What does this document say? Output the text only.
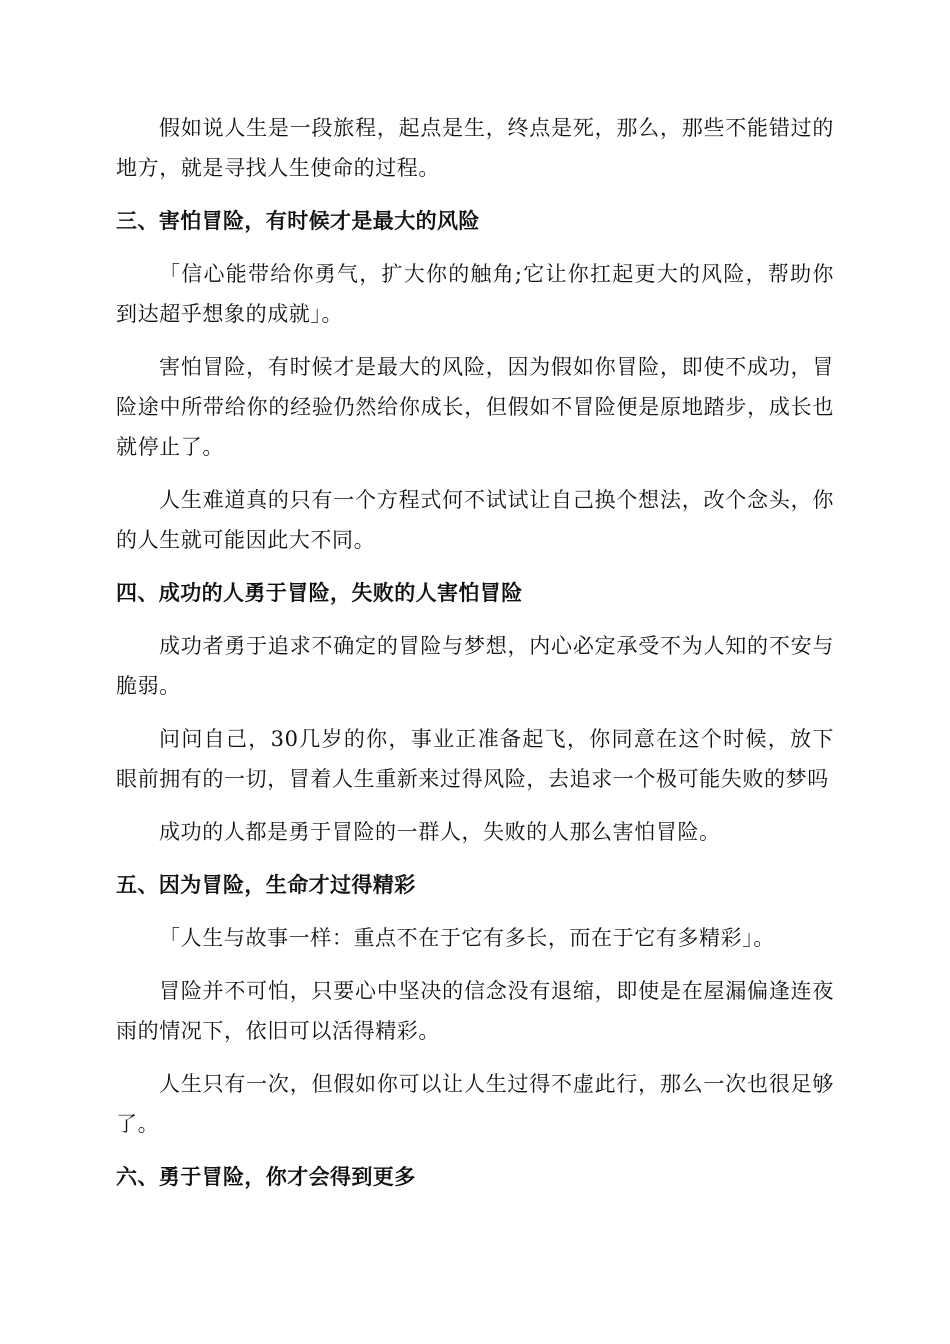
假如说人生是一段旅程，起点是生，终点是死，那么，那些不能错过的地方，就是寻找人生使命的过程。

三、害怕冒险，有时候才是最大的风险

「信心能带给你勇气，扩大你的触角;它让你扛起更大的风险，帮助你到达超乎想象的成就」。

害怕冒险，有时候才是最大的风险，因为假如你冒险，即使不成功，冒险途中所带给你的经验仍然给你成长，但假如不冒险便是原地踏步，成长也就停止了。

人生难道真的只有一个方程式何不试试让自己换个想法，改个念头，你的人生就可能因此大不同。

四、成功的人勇于冒险，失败的人害怕冒险

成功者勇于追求不确定的冒险与梦想，内心必定承受不为人知的不安与脆弱。

问问自己，30几岁的你，事业正准备起飞，你同意在这个时候，放下眼前拥有的一切，冒着人生重新来过得风险，去追求一个极可能失败的梦吗

成功的人都是勇于冒险的一群人，失败的人那么害怕冒险。

五、因为冒险，生命才过得精彩

「人生与故事一样：重点不在于它有多长，而在于它有多精彩」。

冒险并不可怕，只要心中坚决的信念没有退缩，即使是在屋漏偏逢连夜雨的情况下，依旧可以活得精彩。

人生只有一次，但假如你可以让人生过得不虚此行，那么一次也很足够了。

六、勇于冒险，你才会得到更多
